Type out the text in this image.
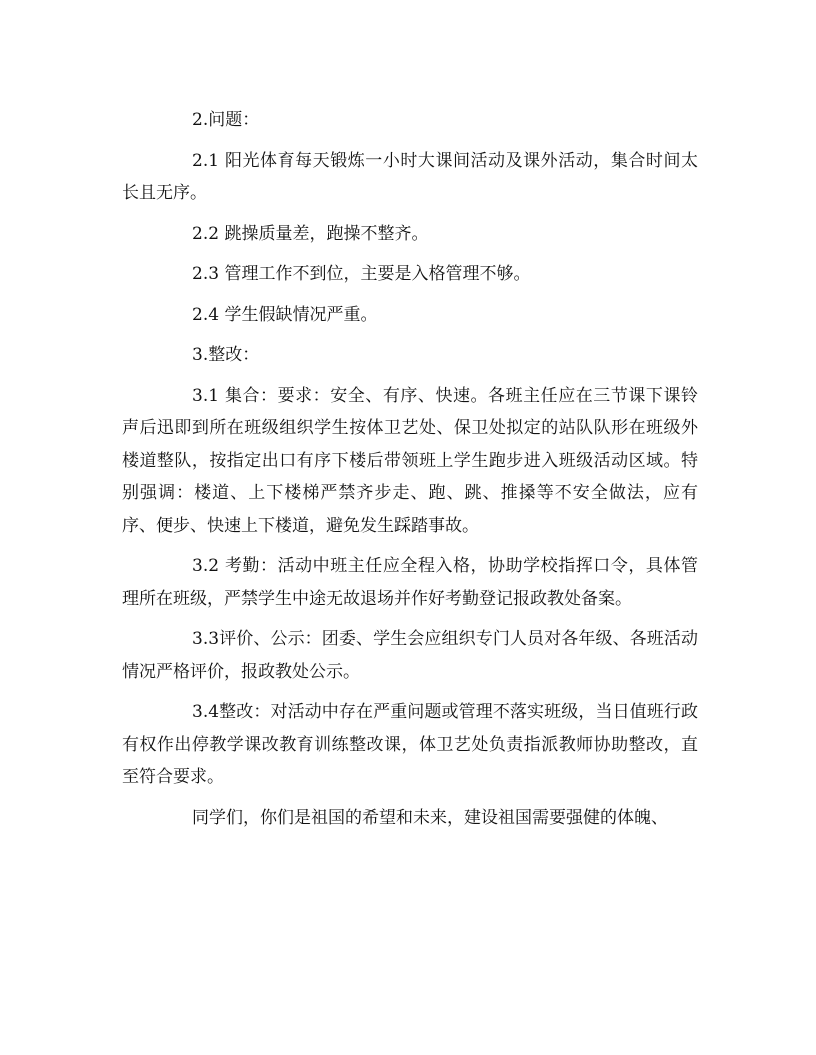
2.问题：

2.1 阳光体育每天锻炼一小时大课间活动及课外活动，集合时间太长且无序。

2.2 跳操质量差，跑操不整齐。

2.3 管理工作不到位，主要是入格管理不够。

2.4 学生假缺情况严重。

3.整改：

3.1 集合：要求：安全、有序、快速。各班主任应在三节课下课铃声后迅即到所在班级组织学生按体卫艺处、保卫处拟定的站队队形在班级外楼道整队，按指定出口有序下楼后带领班上学生跑步进入班级活动区域。特别强调：楼道、上下楼梯严禁齐步走、跑、跳、推搡等不安全做法，应有序、便步、快速上下楼道，避免发生踩踏事故。

3.2 考勤：活动中班主任应全程入格，协助学校指挥口令，具体管理所在班级，严禁学生中途无故退场并作好考勤登记报政教处备案。

3.3评价、公示：团委、学生会应组织专门人员对各年级、各班活动情况严格评价，报政教处公示。

3.4整改：对活动中存在严重问题或管理不落实班级，当日值班行政有权作出停教学课改教育训练整改课，体卫艺处负责指派教师协助整改，直至符合要求。

同学们，你们是祖国的希望和未来，建设祖国需要强健的体魄、
